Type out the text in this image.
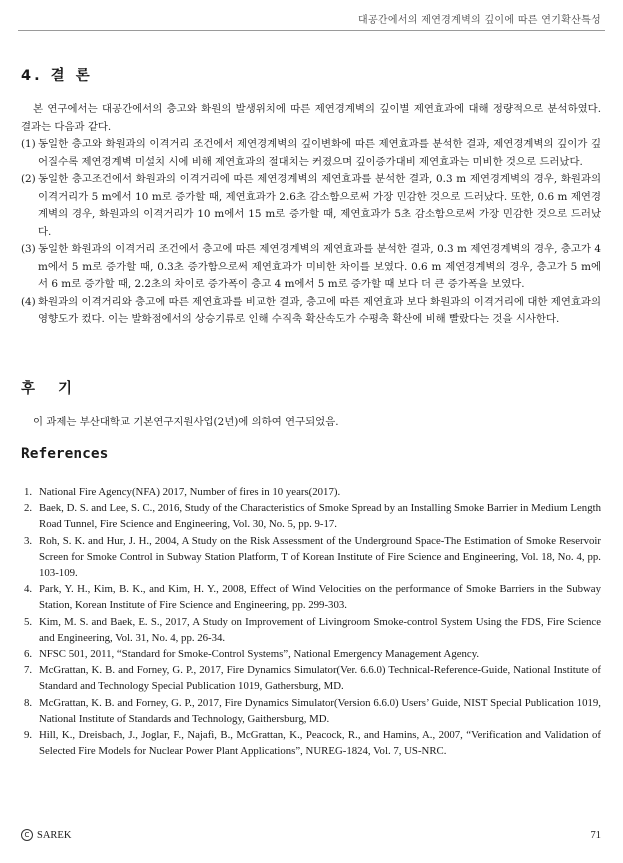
대공간에서의 제연경계벽의 깊이에 따른 연기확산특성
4. 결 론

본 연구에서는 대공간에서의 층고와 화원의 발생위치에 따른 제연경계벽의 깊이별 제연효과에 대해 정량적으로 분석하였다. 결과는 다음과 같다.

(1) 동일한 층고와 화원과의 이격거리 조건에서 제연경계벽의 깊이변화에 따른 제연효과를 분석한 결과, 제연경계벽의 깊이가 깊어질수록 제연경계벽 미설치 시에 비해 제연효과의 절대치는 커졌으며 깊이증가대비 제연효과는 미비한 것으로 드러났다.
(2) 동일한 층고조건에서 화원과의 이격거리에 따른 제연경계벽의 제연효과를 분석한 결과, 0.3 m 제연경계벽의 경우, 화원과의 이격거리가 5 m에서 10 m로 증가할 때, 제연효과가 2.6초 감소함으로써 가장 민감한 것으로 드러났다. 또한, 0.6 m 제연경계벽의 경우, 화원과의 이격거리가 10 m에서 15 m로 증가할 때, 제연효과가 5초 감소함으로써 가장 민감한 것으로 드러났다.
(3) 동일한 화원과의 이격거리 조건에서 층고에 따른 제연경계벽의 제연효과를 분석한 결과, 0.3 m 제연경계벽의 경우, 층고가 4 m에서 5 m로 증가할 때, 0.3초 증가함으로써 제연효과가 미비한 차이를 보였다. 0.6 m 제연경계벽의 경우, 층고가 5 m에서 6 m로 증가할 때, 2.2초의 차이로 증가폭이 층고 4 m에서 5 m로 증가할 때 보다 더 큰 증가폭을 보였다.
(4) 화원과의 이격거리와 층고에 따른 제연효과를 비교한 결과, 층고에 따른 제연효과 보다 화원과의 이격거리에 대한 제연효과의 영향도가 컸다. 이는 발화점에서의 상승기류로 인해 수직축 확산속도가 수평축 확산에 비해 빨랐다는 것을 시사한다.
후 기

이 과제는 부산대학교 기본연구지원사업(2년)에 의하여 연구되었음.

References
1. National Fire Agency(NFA) 2017, Number of fires in 10 years(2017).
2. Baek, D. S. and Lee, S. C., 2016, Study of the Characteristics of Smoke Spread by an Installing Smoke Barrier in Medium Length Road Tunnel, Fire Science and Engineering, Vol. 30, No. 5, pp. 9-17.
3. Roh, S. K. and Hur, J. H., 2004, A Study on the Risk Assessment of the Underground Space-The Estimation of Smoke Reservoir Screen for Smoke Control in Subway Station Platform, T of Korean Institute of Fire Science and Engineering, Vol. 18, No. 4, pp. 103-109.
4. Park, Y. H., Kim, B. K., and Kim, H. Y., 2008, Effect of Wind Velocities on the performance of Smoke Barriers in the Subway Station, Korean Institute of Fire Science and Engineering, pp. 299-303.
5. Kim, M. S. and Baek, E. S., 2017, A Study on Improvement of Livingroom Smoke-control System Using the FDS, Fire Science and Engineering, Vol. 31, No. 4, pp. 26-34.
6. NFSC 501, 2011, “Standard for Smoke-Control Systems”, National Emergency Management Agency.
7. McGrattan, K. B. and Forney, G. P., 2017, Fire Dynamics Simulator(Ver. 6.6.0) Technical-Reference-Guide, National Institute of Standard and Technology Special Publication 1019, Gathersburg, MD.
8. McGrattan, K. B. and Forney, G. P., 2017, Fire Dynamics Simulator(Version 6.6.0) Users’ Guide, NIST Special Publication 1019, National Institute of Standards and Technology, Gaithersburg, MD.
9. Hill, K., Dreisbach, J., Joglar, F., Najafi, B., McGrattan, K., Peacock, R., and Hamins, A., 2007, “Verification and Validation of Selected Fire Models for Nuclear Power Plant Applications”, NUREG-1824, Vol. 7, US-NRC.
C SAREK	71
